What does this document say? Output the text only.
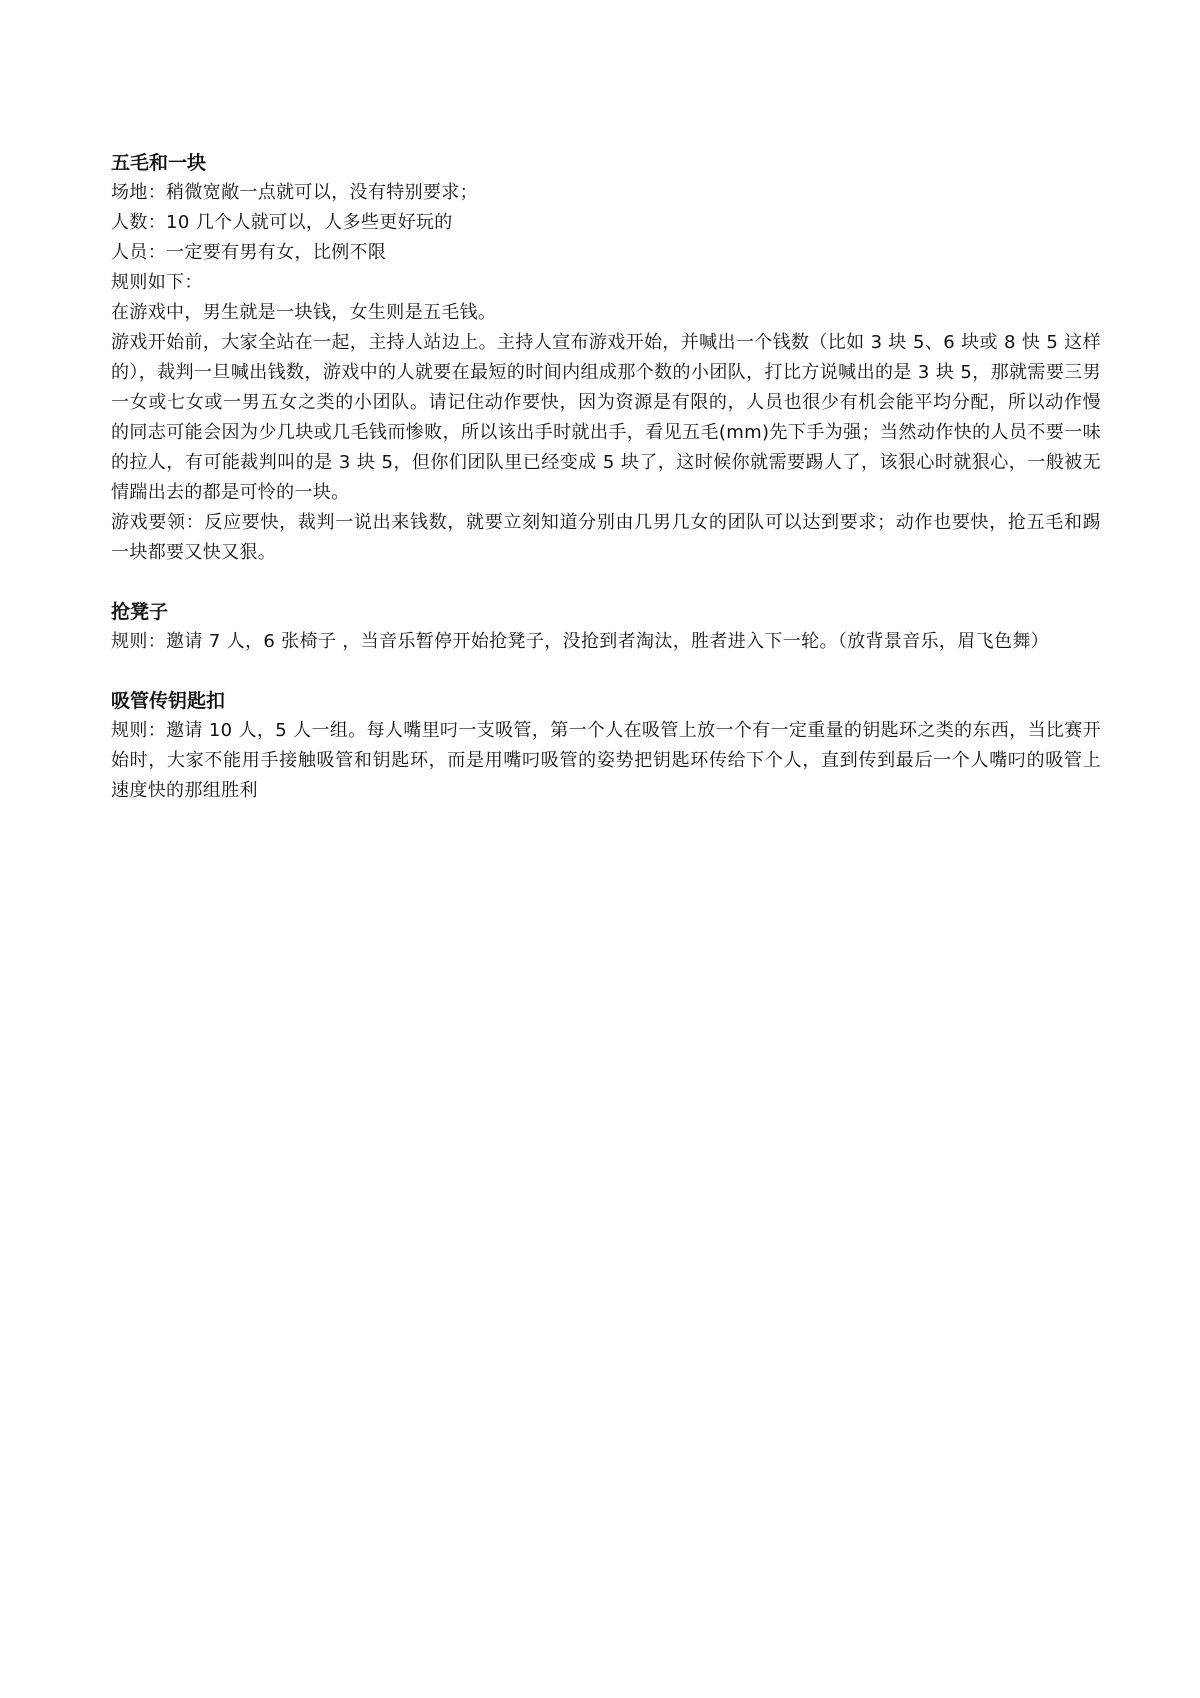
五毛和一块

场地：稍微宽敞一点就可以，没有特别要求；

人数：10 几个人就可以，人多些更好玩的

人员：一定要有男有女，比例不限

规则如下：

在游戏中，男生就是一块钱，女生则是五毛钱。

游戏开始前，大家全站在一起，主持人站边上。主持人宣布游戏开始，并喊出一个钱数（比如 3 块 5、6 块或 8 快 5 这样的），裁判一旦喊出钱数，游戏中的人就要在最短的时间内组成那个数的小团队，打比方说喊出的是 3 块 5，那就需要三男一女或七女或一男五女之类的小团队。请记住动作要快，因为资源是有限的，人员也很少有机会能平均分配，所以动作慢的同志可能会因为少几块或几毛钱而惨败，所以该出手时就出手，看见五毛(mm)先下手为强；当然动作快的人员不要一味的拉人，有可能裁判叫的是 3 块 5，但你们团队里已经变成 5 块了，这时候你就需要踢人了，该狠心时就狠心，一般被无情踹出去的都是可怜的一块。

游戏要领：反应要快，裁判一说出来钱数，就要立刻知道分别由几男几女的团队可以达到要求；动作也要快，抢五毛和踢一块都要又快又狠。

抢凳子

规则：邀请 7 人，6 张椅子 ，当音乐暂停开始抢凳子，没抢到者淘汰，胜者进入下一轮。（放背景音乐，眉飞色舞）

吸管传钥匙扣

规则：邀请 10 人，5 人一组。每人嘴里叼一支吸管，第一个人在吸管上放一个有一定重量的钥匙环之类的东西，当比赛开始时，大家不能用手接触吸管和钥匙环，而是用嘴叼吸管的姿势把钥匙环传给下个人，直到传到最后一个人嘴叼的吸管上　　速度快的那组胜利
